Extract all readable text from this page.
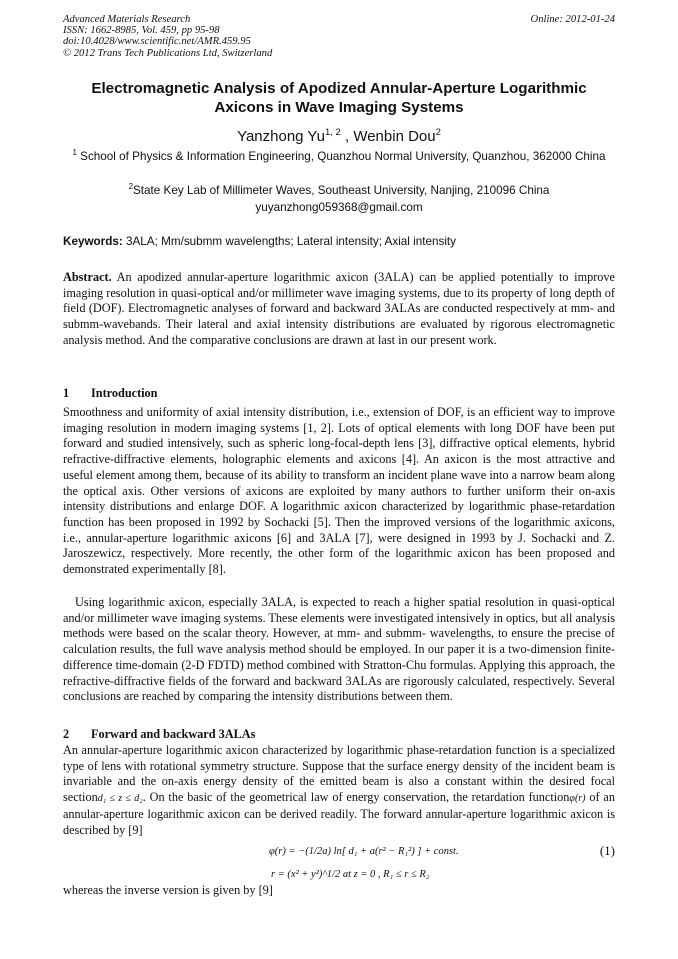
Advanced Materials Research
ISSN: 1662-8985, Vol. 459, pp 95-98
doi:10.4028/www.scientific.net/AMR.459.95
© 2012 Trans Tech Publications Ltd, Switzerland
Online: 2012-01-24
Electromagnetic Analysis of Apodized Annular-Aperture Logarithmic Axicons in Wave Imaging Systems
Yanzhong Yu$^{1, 2}$ , Wenbin Dou$^2$
$^1$ School of Physics & Information Engineering, Quanzhou Normal University, Quanzhou, 362000 China
$^2$State Key Lab of Millimeter Waves, Southeast University, Nanjing, 210096 China
yuyanzhong059368@gmail.com
Keywords: 3ALA; Mm/submm wavelengths; Lateral intensity; Axial intensity
Abstract. An apodized annular-aperture logarithmic axicon (3ALA) can be applied potentially to improve imaging resolution in quasi-optical and/or millimeter wave imaging systems, due to its property of long depth of field (DOF). Electromagnetic analyses of forward and backward 3ALAs are conducted respectively at mm- and submm-wavebands. Their lateral and axial intensity distributions are evaluated by rigorous electromagnetic analysis method. And the comparative conclusions are drawn at last in our present work.
1 Introduction
Smoothness and uniformity of axial intensity distribution, i.e., extension of DOF, is an efficient way to improve imaging resolution in modern imaging systems [1, 2]. Lots of optical elements with long DOF have been put forward and studied intensively, such as spheric long-focal-depth lens [3], diffractive optical elements, hybrid refractive-diffractive elements, holographic elements and axicons [4]. An axicon is the most attractive and useful element among them, because of its ability to transform an incident plane wave into a narrow beam along the optical axis. Other versions of axicons are exploited by many authors to further uniform their on-axis intensity distributions and enlarge DOF. A logarithmic axicon characterized by logarithmic phase-retardation function has been proposed in 1992 by Sochacki [5]. Then the improved versions of the logarithmic axicons, i.e., annular-aperture logarithmic axicons [6] and 3ALA [7], were designed in 1993 by J. Sochacki and Z. Jaroszewicz, respectively. More recently, the other form of the logarithmic axicon has been proposed and demonstrated experimentally [8].
Using logarithmic axicon, especially 3ALA, is expected to reach a higher spatial resolution in quasi-optical and/or millimeter wave imaging systems. These elements were investigated intensively in optics, but all analysis methods were based on the scalar theory. However, at mm- and submm- wavelengths, to ensure the precise of calculation results, the full wave analysis method should be employed. In our paper it is a two-dimension finite-difference time-domain (2-D FDTD) method combined with Stratton-Chu formulas. Applying this approach, the refractive-diffractive fields of the forward and backward 3ALAs are rigorously calculated, respectively. Several conclusions are reached by comparing the intensity distributions between them.
2 Forward and backward 3ALAs
An annular-aperture logarithmic axicon characterized by logarithmic phase-retardation function is a specialized type of lens with rotational symmetry structure. Suppose that the surface energy density of the incident beam is invariable and the on-axis energy density of the emitted beam is also a constant within the desired focal sectiond₁ ≤ z ≤ d₂. On the basic of the geometrical law of energy conservation, the retardation functionφ(r) of an annular-aperture logarithmic axicon can be derived readily. The forward annular-aperture logarithmic axicon is described by [9]
φ(r) = −(1/2a) ln[ d₁ + a(r² − R₁²) ] + const.	(1)
r = (x² + y²)^1/2 at z = 0 , R₁ ≤ r ≤ R₂
whereas the inverse version is given by [9]
